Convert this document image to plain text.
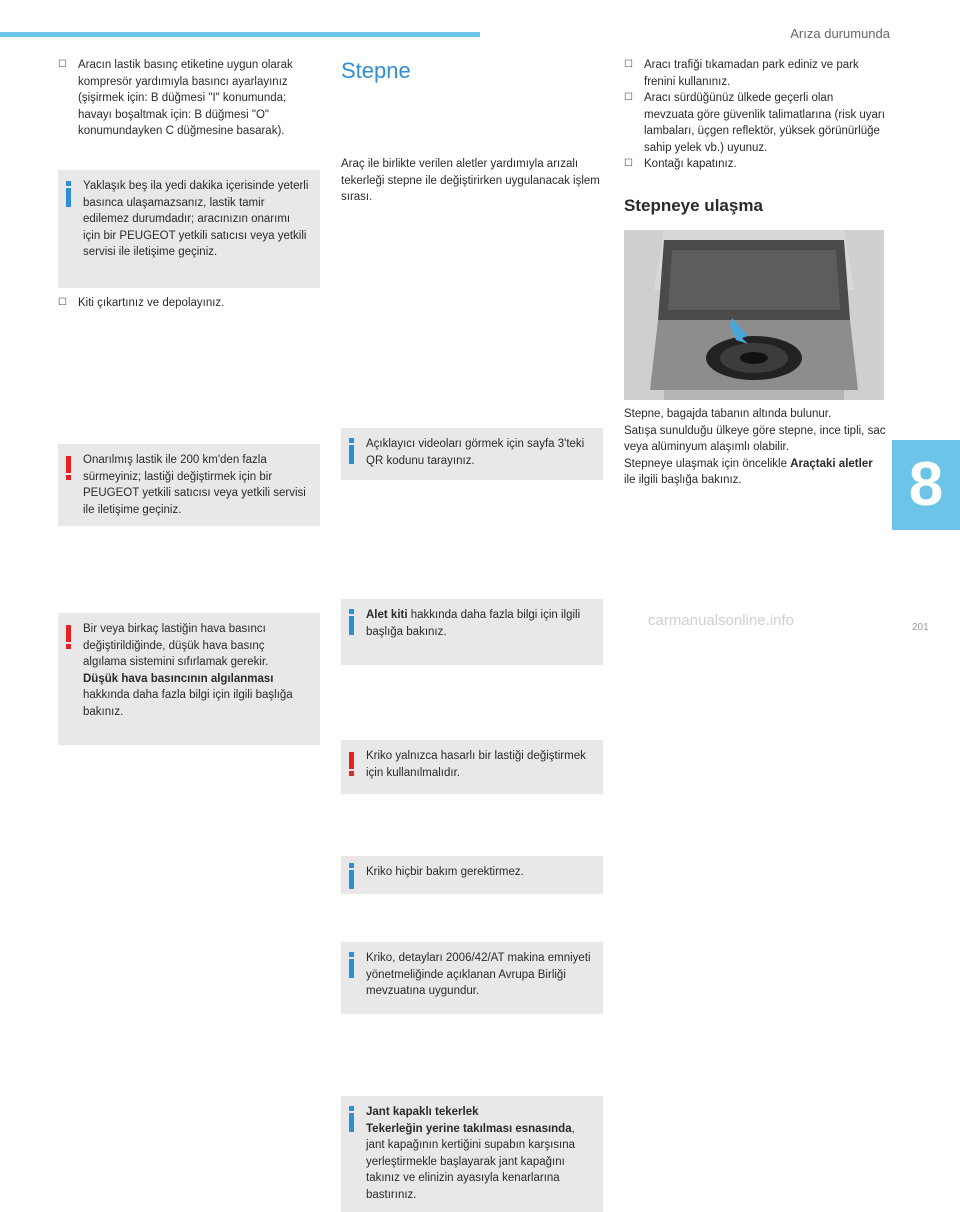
Arıza durumunda

☐ Aracın lastik basınç etiketine uygun olarak kompresör yardımıyla basıncı ayarlayınız (şişirmek için: B düğmesi "I" konumunda; havayı boşaltmak için: B düğmesi "O" konumundayken C düğmesine basarak).

Yaklaşık beş ila yedi dakika içerisinde yeterli basınca ulaşamazsanız, lastik tamir edilemez durumdadır; aracınızın onarımı için bir PEUGEOT yetkili satıcısı veya yetkili servisi ile iletişime geçiniz.

☐ Kiti çıkartınız ve depolayınız.

Onarılmış lastik ile 200 km'den fazla sürmeyiniz; lastiği değiştirmek için bir PEUGEOT yetkili satıcısı veya yetkili servisi ile iletişime geçiniz.

Bir veya birkaç lastiğin hava basıncı değiştirildiğinde, düşük hava basınç algılama sistemini sıfırlamak gerekir.
Düşük hava basıncının algılanması
hakkında daha fazla bilgi için ilgili başlığa bakınız.

Stepne

Açıklayıcı videoları görmek için sayfa 3'teki QR kodunu tarayınız.

Araç ile birlikte verilen aletler yardımıyla arızalı tekerleği stepne ile değiştirirken uygulanacak işlem sırası.

Alet kiti hakkında daha fazla bilgi için ilgili başlığa bakınız.

Kriko yalnızca hasarlı bir lastiği değiştirmek için kullanılmalıdır.

Kriko hiçbir bakım gerektirmez.

Kriko, detayları 2006/42/AT makina emniyeti yönetmeliğinde açıklanan Avrupa Birliği mevzuatına uygundur.

Jant kapaklı tekerlek
Tekerleğin yerine takılması esnasında, jant kapağının kertiğini supabın karşısına yerleştirmekle başlayarak jant kapağını takınız ve elinizin ayasıyla kenarlarına bastırınız.

☐ Aracı trafiği tıkamadan park ediniz ve park frenini kullanınız.

☐ Aracı sürdüğünüz ülkede geçerli olan mevzuata göre güvenlik talimatlarına (risk uyarı lambaları, üçgen reflektör, yüksek görünürlüğe sahip yelek vb.) uyunuz.

☐ Kontağı kapatınız.

Stepneye ulaşma

Stepne, bagajda tabanın altında bulunur.

Satışa sunulduğu ülkeye göre stepne, ince tipli, sac veya alüminyum alaşımlı olabilir.

Stepneye ulaşmak için öncelikle Araçtaki aletler ile ilgili başlığa bakınız.	8
carmanualsonline.info	201
